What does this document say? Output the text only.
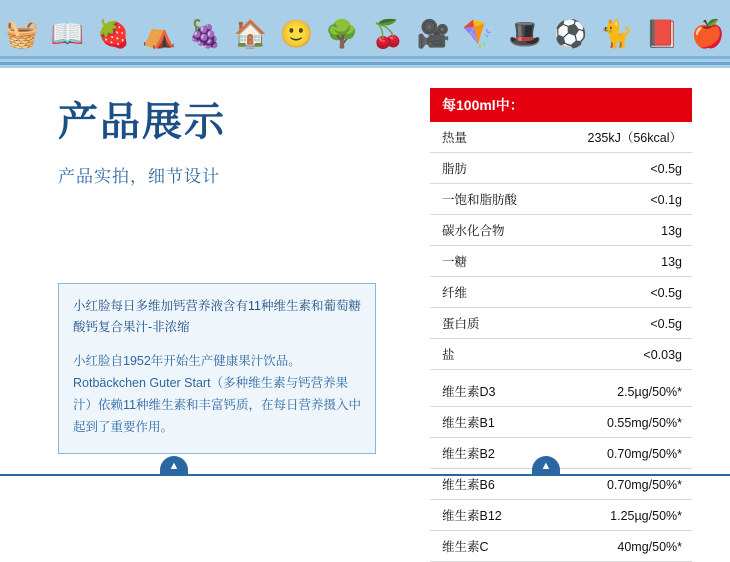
🧺 📖 🍓 ⛺ 🍇 🏠 🙂 🌳 🍒 🎥 🪁 🎩 ⚽ 🐈 📕 🍎
产品展示

产品实拍，细节设计

小红脸每日多维加钙营养液含有11种维生素和葡萄糖酸钙复合果汁-非浓缩

小红脸自1952年开始生产健康果汁饮品。Rotbäckchen Guter Start（多种维生素与钙营养果汁）依赖11种维生素和丰富钙质，在每日营养摄入中起到了重要作用。

每100ml中：
热量	235kJ（56kcal）
脂肪	<0.5g
一饱和脂肪酸	<0.1g
碳水化合物	13g
一糖	13g
纤维	<0.5g
蛋白质	<0.5g
盐	<0.03g
维生素D3	2.5µg/50%*
维生素B1	0.55mg/50%*
维生素B2	0.70mg/50%*
维生素B6	0.70mg/50%*
维生素B12	1.25µg/50%*
维生素C	40mg/50%*
▲	▲
